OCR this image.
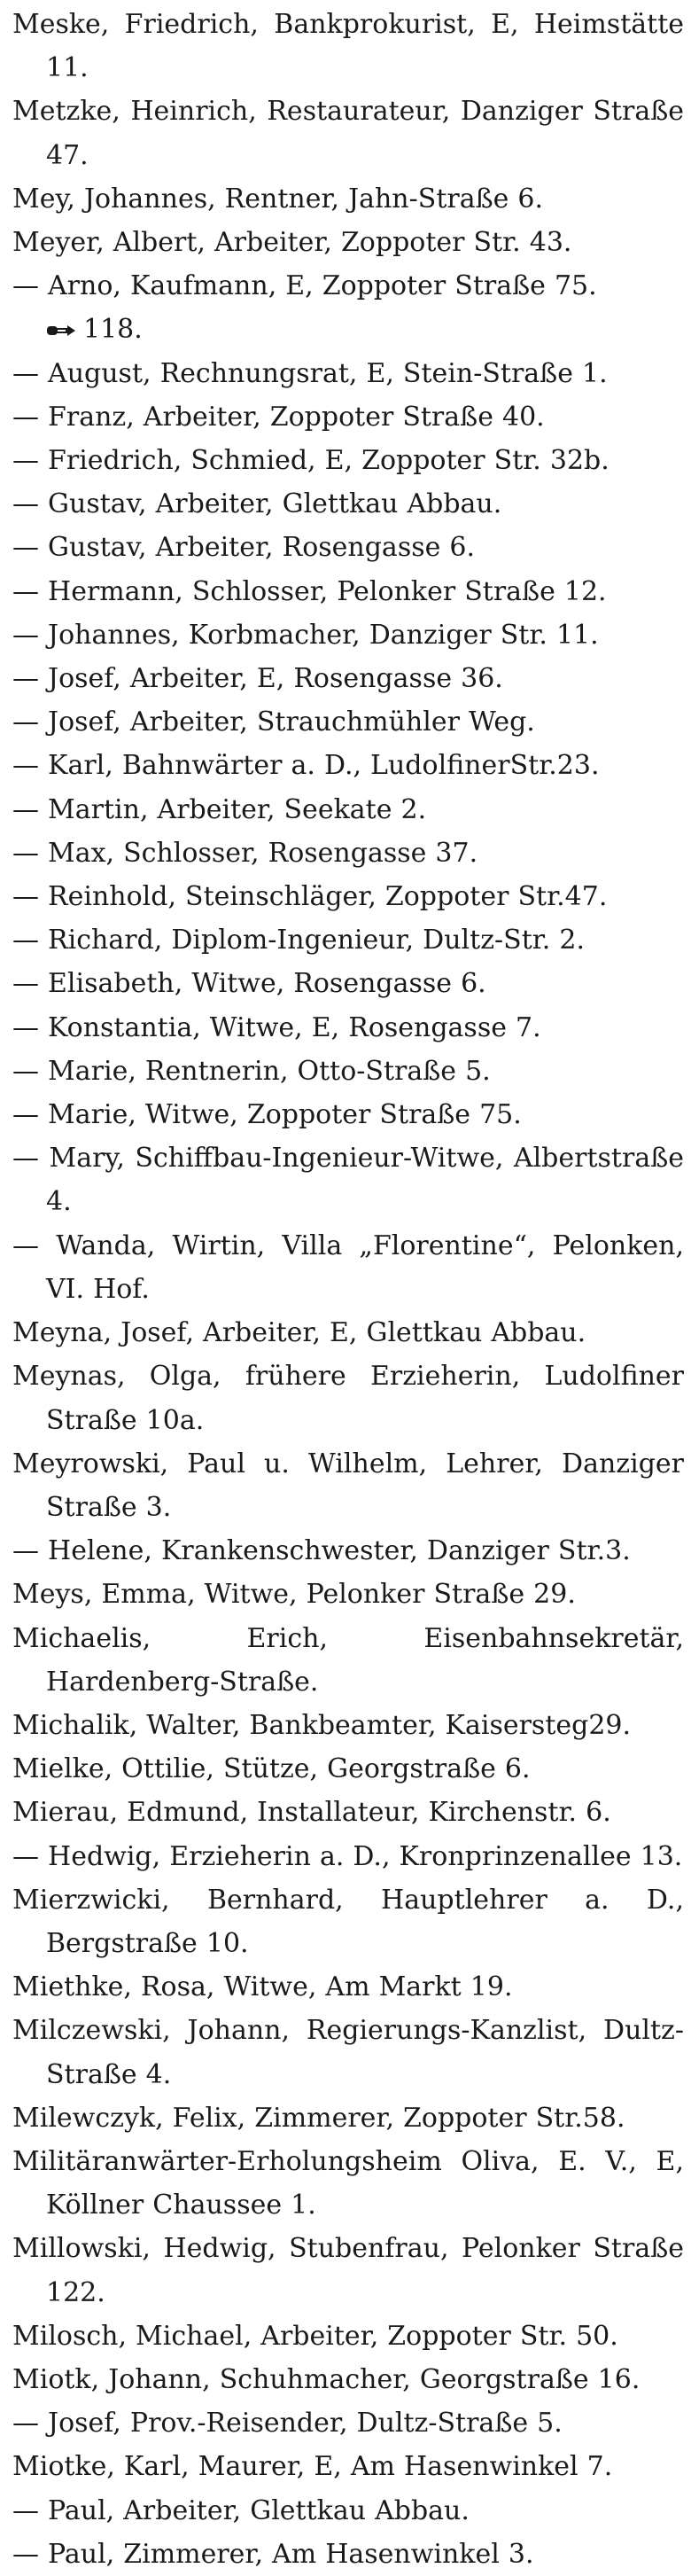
Meske, Friedrich, Bankprokurist, E, Heimstätte 11.

Metzke, Heinrich, Restaurateur, Danziger Straße 47.

Mey, Johannes, Rentner, Jahn-Straße 6.

Meyer, Albert, Arbeiter, Zoppoter Str. 43.

— Arno, Kaufmann, E, Zoppoter Straße 75.

118.

— August, Rechnungsrat, E, Stein-Straße 1.

— Franz, Arbeiter, Zoppoter Straße 40.

— Friedrich, Schmied, E, Zoppoter Str. 32b.

— Gustav, Arbeiter, Glettkau Abbau.

— Gustav, Arbeiter, Rosengasse 6.

— Hermann, Schlosser, Pelonker Straße 12.

— Johannes, Korbmacher, Danziger Str. 11.

— Josef, Arbeiter, E, Rosengasse 36.

— Josef, Arbeiter, Strauchmühler Weg.

— Karl, Bahnwärter a. D., LudolfinerStr.23.

— Martin, Arbeiter, Seekate 2.

— Max, Schlosser, Rosengasse 37.

— Reinhold, Steinschläger, Zoppoter Str.47.

— Richard, Diplom-Ingenieur, Dultz-Str. 2.

— Elisabeth, Witwe, Rosengasse 6.

— Konstantia, Witwe, E, Rosengasse 7.

— Marie, Rentnerin, Otto-Straße 5.

— Marie, Witwe, Zoppoter Straße 75.

— Mary, Schiffbau-Ingenieur-Witwe, Albertstraße 4.

— Wanda, Wirtin, Villa „Florentine“, Pelonken, VI. Hof.

Meyna, Josef, Arbeiter, E, Glettkau Abbau.

Meynas, Olga, frühere Erzieherin, Ludolfiner Straße 10a.

Meyrowski, Paul u. Wilhelm, Lehrer, Danziger Straße 3.

— Helene, Krankenschwester, Danziger Str.3.

Meys, Emma, Witwe, Pelonker Straße 29.

Michaelis, Erich, Eisenbahnsekretär, Hardenberg-Straße.

Michalik, Walter, Bankbeamter, Kaisersteg29.

Mielke, Ottilie, Stütze, Georgstraße 6.

Mierau, Edmund, Installateur, Kirchenstr. 6.

— Hedwig, Erzieherin a. D., Kronprinzenallee 13.

Mierzwicki, Bernhard, Hauptlehrer a. D., Bergstraße 10.

Miethke, Rosa, Witwe, Am Markt 19.

Milczewski, Johann, Regierungs-Kanzlist, Dultz-Straße 4.

Milewczyk, Felix, Zimmerer, Zoppoter Str.58.

Militäranwärter-Erholungsheim Oliva, E. V., E, Köllner Chaussee 1.

Millowski, Hedwig, Stubenfrau, Pelonker Straße 122.

Milosch, Michael, Arbeiter, Zoppoter Str. 50.

Miotk, Johann, Schuhmacher, Georgstraße 16.

— Josef, Prov.-Reisender, Dultz-Straße 5.

Miotke, Karl, Maurer, E, Am Hasenwinkel 7.

— Paul, Arbeiter, Glettkau Abbau.

— Paul, Zimmerer, Am Hasenwinkel 3.
